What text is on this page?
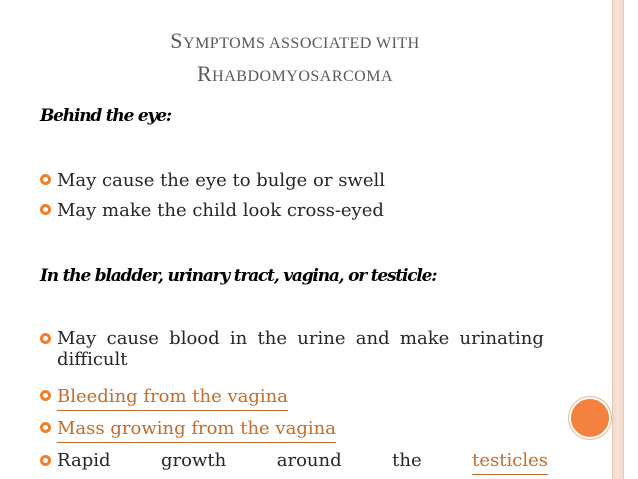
SYMPTOMS ASSOCIATED WITH
RHABDOMYOSARCOMA
Behind the eye:
May cause the eye to bulge or swell
May make the child look cross-eyed
In the bladder, urinary tract, vagina, or testicle:
May cause blood in the urine and make urinating
difficult
Bleeding from the vagina
Mass growing from the vagina
Rapid	growth	around	the	testicles
